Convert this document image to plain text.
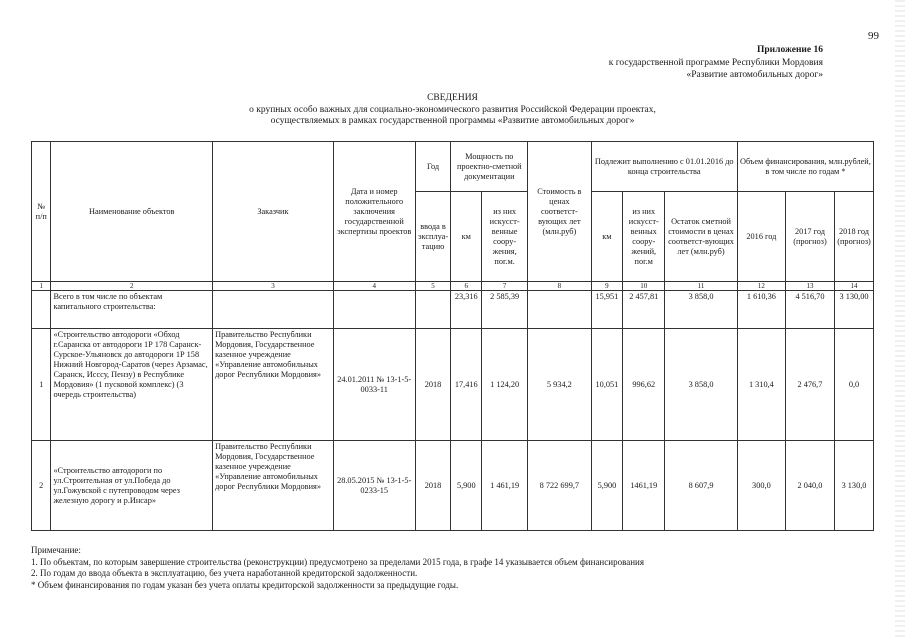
99
Приложение 16
к государственной программе Республики Мордовия
«Развитие автомобильных дорог»
СВЕДЕНИЯ
о крупных особо важных для социально-экономического развития Российской Федерации проектах,
осуществляемых в рамках государственной программы «Развитие автомобильных дорог»
№ п/п	Наименование объектов	Заказчик	Дата и номер положительного заключения государственной экспертизы проектов	Год	Мощность по проектно-сметной документации		Стоимость в ценах соответст-вующих лет (млн.руб)	Подлежит выполнению с 01.01.2016 до конца строительства			Объем финансирования, млн.рублей, в том числе по годам *		
				ввода в эксплуа-тацию	км	из них искусст-венные соору-жения, пог.м.		км	из них искусст-венных соору-жений, пог.м	Остаток сметной стоимости в ценах соответст-вующих лет (млн.руб)	2016 год	2017 год (прогноз)	2018 год (прогноз)
1	2	3	4	5	6	7	8	9	10	11	12	13	14
	Всего в том числе по объектам капитального строительства:				23,316	2 585,39		15,951	2 457,81	3 858,0	1 610,36	4 516,70	3 130,00
1	«Строительство автодороги «Обход г.Саранска от автодороги 1Р 178 Саранск-Сурское-Ульяновск до автодороги 1Р 158 Нижний Новгород-Саратов (через Арзамас, Саранск, Исссу, Пензу) в Республике Мордовия» (1 пусковой комплекс) (3 очередь строительства)	Правительство Республики Мордовия, Государственное казенное учреждение «Управление автомобильных дорог Республики Мордовия»	24.01.2011 № 13-1-5-0033-11	2018	17,416	1 124,20	5 934,2	10,051	996,62	3 858,0	1 310,4	2 476,7	0,0
2	«Строительство автодороги по ул.Строительная от ул.Победа до ул.Гожувской с путепроводом через железную дорогу и р.Инсар»	Правительство Республики Мордовия, Государственное казенное учреждение «Управление автомобильных дорог Республики Мордовия»	28.05.2015 № 13-1-5-0233-15	2018	5,900	1 461,19	8 722 699,7	5,900	1461,19	8 607,9	300,0	2 040,0	3 130,0
Примечание:
1. По объектам, по которым завершение строительства (реконструкции) предусмотрено за пределами 2015 года, в графе 14 указывается объем финансирования
2. По годам до ввода объекта в эксплуатацию, без учета наработанной кредиторской задолженности.
* Объем финансирования по годам указан без учета оплаты кредиторской задолженности за предыдущие годы.
